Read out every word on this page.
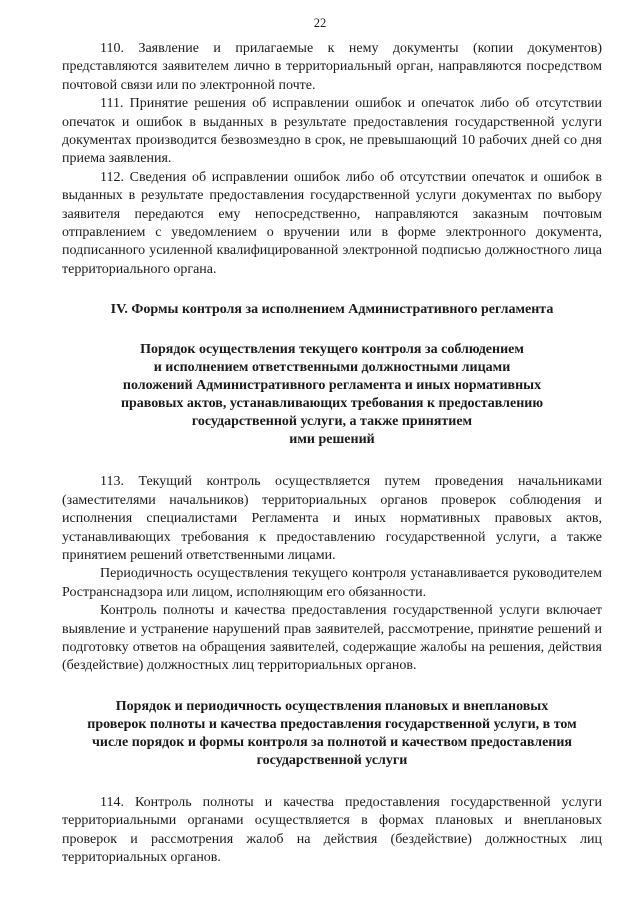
22

110. Заявление и прилагаемые к нему документы (копии документов) представляются заявителем лично в территориальный орган, направляются посредством почтовой связи или по электронной почте.

111. Принятие решения об исправлении ошибок и опечаток либо об отсутствии опечаток и ошибок в выданных в результате предоставления государственной услуги документах производится безвозмездно в срок, не превышающий 10 рабочих дней со дня приема заявления.

112. Сведения об исправлении ошибок либо об отсутствии опечаток и ошибок в выданных в результате предоставления государственной услуги документах по выбору заявителя передаются ему непосредственно, направляются заказным почтовым отправлением с уведомлением о вручении или в форме электронного документа, подписанного усиленной квалифицированной электронной подписью должностного лица территориального органа.

IV. Формы контроля за исполнением Административного регламента
Порядок осуществления текущего контроля за соблюдением
и исполнением ответственными должностными лицами
положений Административного регламента и иных нормативных
правовых актов, устанавливающих требования к предоставлению
государственной услуги, а также принятием
ими решений

113. Текущий контроль осуществляется путем проведения начальниками (заместителями начальников) территориальных органов проверок соблюдения и исполнения специалистами Регламента и иных нормативных правовых актов, устанавливающих требования к предоставлению государственной услуги, а также принятием решений ответственными лицами.

Периодичность осуществления текущего контроля устанавливается руководителем Ространснадзора или лицом, исполняющим его обязанности.

Контроль полноты и качества предоставления государственной услуги включает выявление и устранение нарушений прав заявителей, рассмотрение, принятие решений и подготовку ответов на обращения заявителей, содержащие жалобы на решения, действия (бездействие) должностных лиц территориальных органов.

Порядок и периодичность осуществления плановых и внеплановых
проверок полноты и качества предоставления государственной услуги, в том
числе порядок и формы контроля за полнотой и качеством предоставления
государственной услуги

114. Контроль полноты и качества предоставления государственной услуги территориальными органами осуществляется в формах плановых и внеплановых проверок и рассмотрения жалоб на действия (бездействие) должностных лиц территориальных органов.
